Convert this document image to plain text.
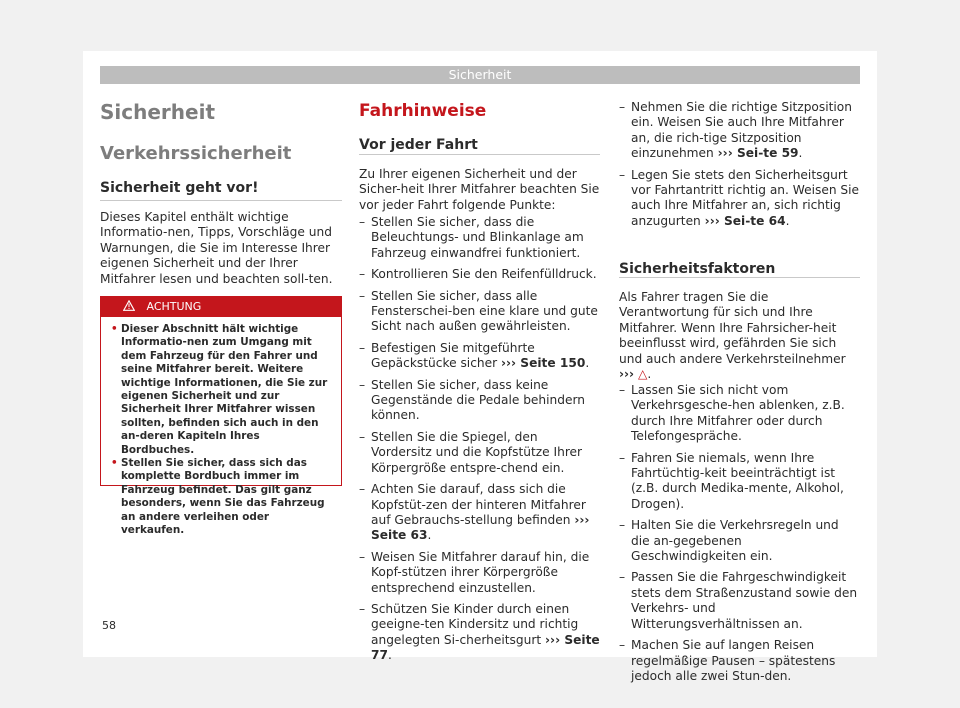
Sicherheit
Sicherheit
Verkehrssicherheit
Sicherheit geht vor!

Dieses Kapitel enthält wichtige Informatio-nen, Tipps, Vorschläge und Warnungen, die Sie im Interesse Ihrer eigenen Sicherheit und der Ihrer Mitfahrer lesen und beachten soll-ten.

ACHTUNG

• Dieser Abschnitt hält wichtige Informatio-nen zum Umgang mit dem Fahrzeug für den Fahrer und seine Mitfahrer bereit. Weitere wichtige Informationen, die Sie zur eigenen Sicherheit und zur Sicherheit Ihrer Mitfahrer wissen sollten, befinden sich auch in den an-deren Kapiteln Ihres Bordbuches.

• Stellen Sie sicher, dass sich das komplette Bordbuch immer im Fahrzeug befindet. Das gilt ganz besonders, wenn Sie das Fahrzeug an andere verleihen oder verkaufen.

Fahrhinweise
Vor jeder Fahrt

Zu Ihrer eigenen Sicherheit und der Sicher-heit Ihrer Mitfahrer beachten Sie vor jeder Fahrt folgende Punkte:

– Stellen Sie sicher, dass die Beleuchtungs- und Blinkanlage am Fahrzeug einwandfrei funktioniert.
– Kontrollieren Sie den Reifenfülldruck.
– Stellen Sie sicher, dass alle Fensterschei-ben eine klare und gute Sicht nach außen gewährleisten.
– Befestigen Sie mitgeführte Gepäckstücke sicher ››› Seite 150.
– Stellen Sie sicher, dass keine Gegenstände die Pedale behindern können.
– Stellen Sie die Spiegel, den Vordersitz und die Kopfstütze Ihrer Körpergröße entspre-chend ein.
– Achten Sie darauf, dass sich die Kopfstüt-zen der hinteren Mitfahrer auf Gebrauchs-stellung befinden ››› Seite 63.
– Weisen Sie Mitfahrer darauf hin, die Kopf-stützen ihrer Körpergröße entsprechend einzustellen.
– Schützen Sie Kinder durch einen geeigne-ten Kindersitz und richtig angelegten Si-cherheitsgurt ››› Seite 77.
– Nehmen Sie die richtige Sitzposition ein. Weisen Sie auch Ihre Mitfahrer an, die rich-tige Sitzposition einzunehmen ››› Sei-te 59.
– Legen Sie stets den Sicherheitsgurt vor Fahrtantritt richtig an. Weisen Sie auch Ihre Mitfahrer an, sich richtig anzugurten ››› Sei-te 64.
Sicherheitsfaktoren

Als Fahrer tragen Sie die Verantwortung für sich und Ihre Mitfahrer. Wenn Ihre Fahrsicher-heit beeinflusst wird, gefährden Sie sich und auch andere Verkehrsteilnehmer ››› △.

– Lassen Sie sich nicht vom Verkehrsgesche-hen ablenken, z.B. durch Ihre Mitfahrer oder durch Telefongespräche.
– Fahren Sie niemals, wenn Ihre Fahrtüchtig-keit beeinträchtigt ist (z.B. durch Medika-mente, Alkohol, Drogen).
– Halten Sie die Verkehrsregeln und die an-gegebenen Geschwindigkeiten ein.
– Passen Sie die Fahrgeschwindigkeit stets dem Straßenzustand sowie den Verkehrs- und Witterungsverhältnissen an.
– Machen Sie auf langen Reisen regelmäßige Pausen – spätestens jedoch alle zwei Stun-den.
58
